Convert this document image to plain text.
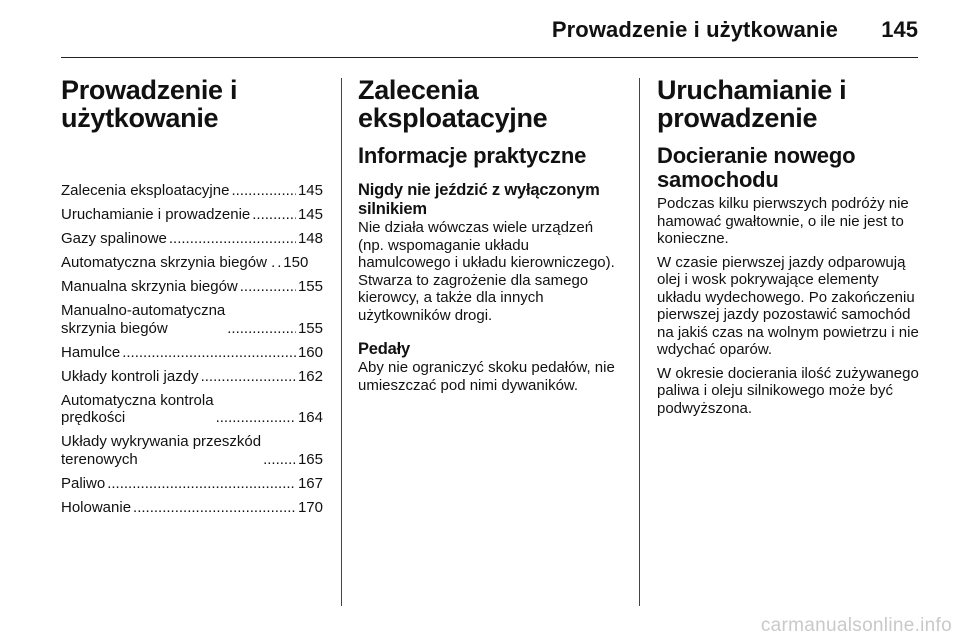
Prowadzenie i użytkowanie 145
Prowadzenie i
użytkowanie
Zalecenia eksploatacyjne .....	145
Uruchamianie i prowadzenie .....	145
Gazy spalinowe .....	148
Automatyczna skrzynia biegów . ..... 150
Manualna skrzynia biegów .....	155
Manualno-automatyczna
skrzynia biegów .....	155
Hamulce .....	160
Układy kontroli jazdy .....	162
Automatyczna kontrola
prędkości .....	164
Układy wykrywania przeszkód
terenowych .....	165
Paliwo .....	167
Holowanie .....	170
Zalecenia
eksploatacyjne
Informacje praktyczne
Nigdy nie jeździć z wyłączonym silnikiem

Nie działa wówczas wiele urządzeń (np. wspomaganie układu hamulcowego i układu kierowniczego). Stwarza to zagrożenie dla samego kierowcy, a także dla innych użytkowników drogi.

Pedały

Aby nie ograniczyć skoku pedałów, nie umieszczać pod nimi dywaników.

Uruchamianie i
prowadzenie
Docieranie nowego samochodu

Podczas kilku pierwszych podróży nie hamować gwałtownie, o ile nie jest to konieczne.

W czasie pierwszej jazdy odparowują olej i wosk pokrywające elementy układu wydechowego. Po zakończeniu pierwszej jazdy pozostawić samochód na jakiś czas na wolnym powietrzu i nie wdychać oparów.

W okresie docierania ilość zużywanego paliwa i oleju silnikowego może być podwyższona.

carmanualsonline.info
